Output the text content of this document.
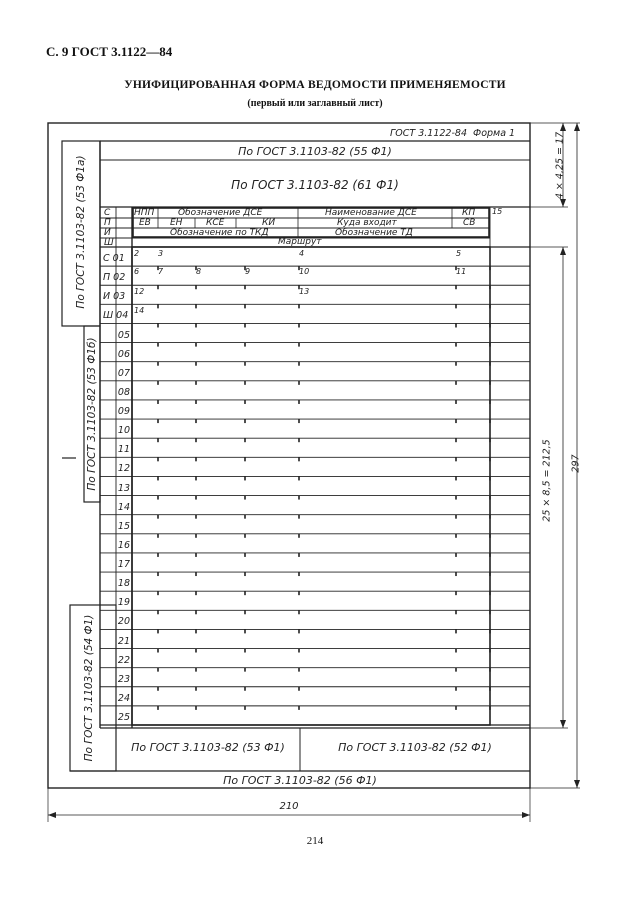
С. 9 ГОСТ 3.1122—84
УНИФИЦИРОВАННАЯ ФОРМА ВЕДОМОСТИ ПРИМЕНЯЕМОСТИ
(первый или заглавный лист)
ГОСТ 3.1122-84 Форма 1
По ГОСТ 3.1103-82 (55 Ф1)
По ГОСТ 3.1103-82 (61 Ф1)
С	НПП	Обозначение ДСЕ	Наименование ДСЕ	КП 15
П	ЕВ ЕН	КСЕ	КИ	Куда входит	СВ
И	Обозначение по ТКД	Обозначение ТД
Ш	Маршрут
2 3	4	5
6 7	8	9	10	11
12	13
14
С 01
П 02
И 03
Ш 04
05
06
07
08
09
10
11
12
13
14
15
16
17
18
19
20
21
22
23
24
25
По ГОСТ 3.1103-82 (53 Ф1а)
По ГОСТ 3.1103-82 (53 Ф1б)
По ГОСТ 3.1103-82 (54 Ф1)	По ГОСТ 3.1103-82 (53 Ф1)	По ГОСТ 3.1103-82 (52 Ф1)
По ГОСТ 3.1103-82 (56 Ф1)
4 × 4,25 = 17
25 × 8,5 = 212,5 297
210
214
